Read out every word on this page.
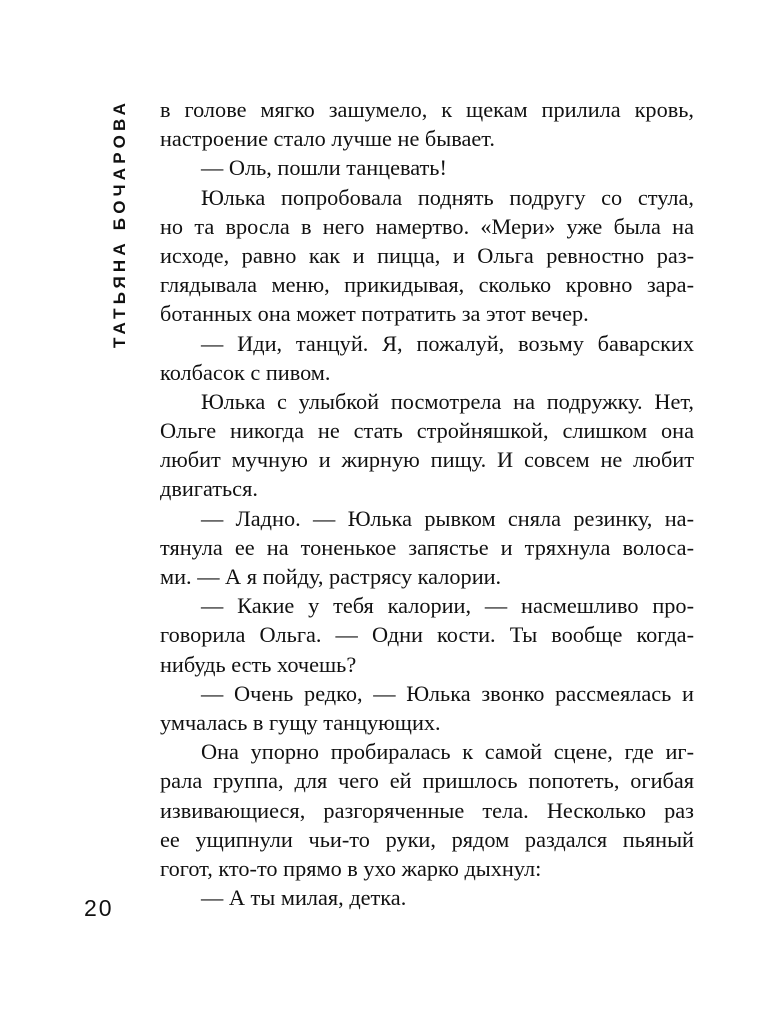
ТАТЬЯНА БОЧАРОВА в голове мягко зашумело, к щекам прилила кровь,
настроение стало лучше не бывает.
— Оль, пошли танцевать!
Юлька попробовала поднять подругу со стула,
но та вросла в него намертво. «Мери» уже была на
исходе, равно как и пицца, и Ольга ревностно раз-
глядывала меню, прикидывая, сколько кровно зара-
ботанных она может потратить за этот вечер.
— Иди, танцуй. Я, пожалуй, возьму баварских
колбасок с пивом.
Юлька с улыбкой посмотрела на подружку. Нет,
Ольге никогда не стать стройняшкой, слишком она
любит мучную и жирную пищу. И совсем не любит
двигаться.
— Ладно. — Юлька рывком сняла резинку, на-
тянула ее на тоненькое запястье и тряхнула волоса-
ми. — А я пойду, растрясу калории.
— Какие у тебя калории, — насмешливо про-
говорила Ольга. — Одни кости. Ты вообще когда-
нибудь есть хочешь?
— Очень редко, — Юлька звонко рассмеялась и
умчалась в гущу танцующих.
Она упорно пробиралась к самой сцене, где иг-
рала группа, для чего ей пришлось попотеть, огибая
извивающиеся, разгоряченные тела. Несколько раз
ее ущипнули чьи-то руки, рядом раздался пьяный
гогот, кто-то прямо в ухо жарко дыхнул:
— А ты милая, детка.
20
